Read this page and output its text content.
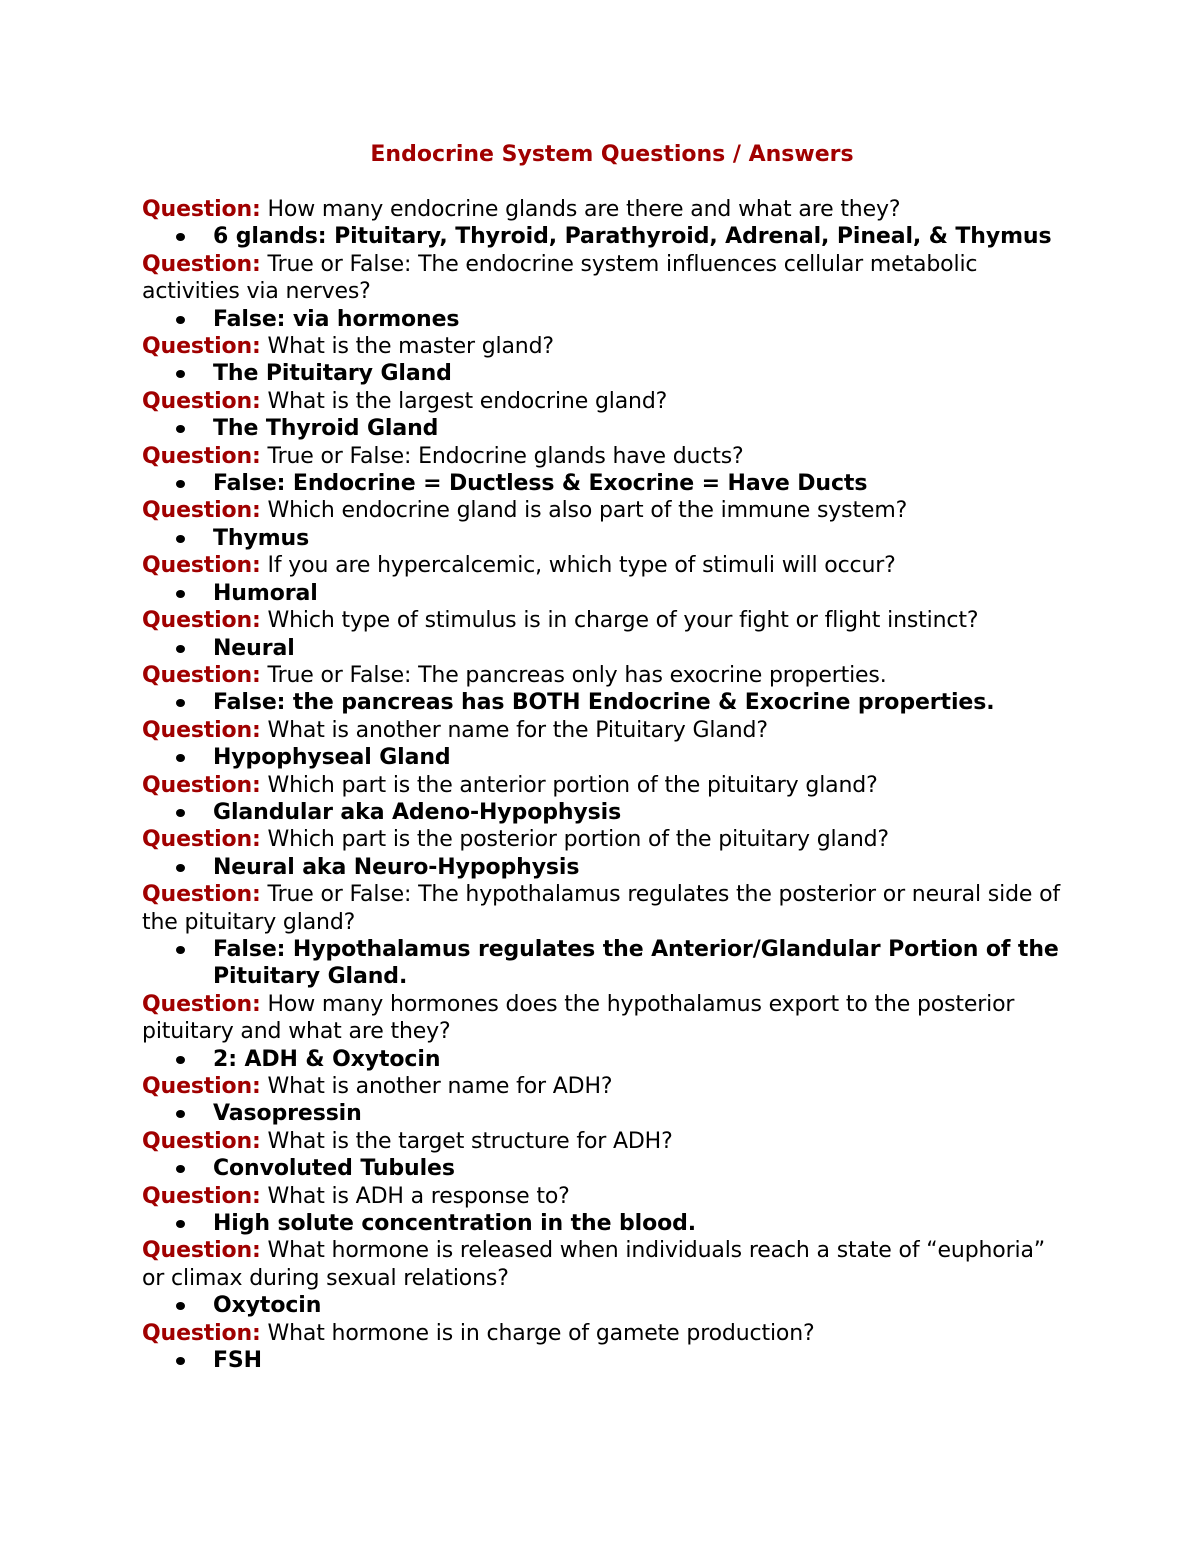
Endocrine System Questions / Answers
Question: How many endocrine glands are there and what are they?
6 glands: Pituitary, Thyroid, Parathyroid, Adrenal, Pineal, & Thymus
Question: True or False: The endocrine system influences cellular metabolic activities via nerves?
False: via hormones
Question: What is the master gland?
The Pituitary Gland
Question: What is the largest endocrine gland?
The Thyroid Gland
Question: True or False: Endocrine glands have ducts?
False: Endocrine = Ductless & Exocrine = Have Ducts
Question: Which endocrine gland is also part of the immune system?
Thymus
Question: If you are hypercalcemic, which type of stimuli will occur?
Humoral
Question: Which type of stimulus is in charge of your fight or flight instinct?
Neural
Question: True or False: The pancreas only has exocrine properties.
False: the pancreas has BOTH Endocrine & Exocrine properties.
Question: What is another name for the Pituitary Gland?
Hypophyseal Gland
Question: Which part is the anterior portion of the pituitary gland?
Glandular aka Adeno-Hypophysis
Question: Which part is the posterior portion of the pituitary gland?
Neural aka Neuro-Hypophysis
Question: True or False: The hypothalamus regulates the posterior or neural side of the pituitary gland?
False: Hypothalamus regulates the Anterior/Glandular Portion of the Pituitary Gland.
Question: How many hormones does the hypothalamus export to the posterior pituitary and what are they?
2: ADH & Oxytocin
Question: What is another name for ADH?
Vasopressin
Question: What is the target structure for ADH?
Convoluted Tubules
Question: What is ADH a response to?
High solute concentration in the blood.
Question: What hormone is released when individuals reach a state of “euphoria” or climax during sexual relations?
Oxytocin
Question: What hormone is in charge of gamete production?
FSH
